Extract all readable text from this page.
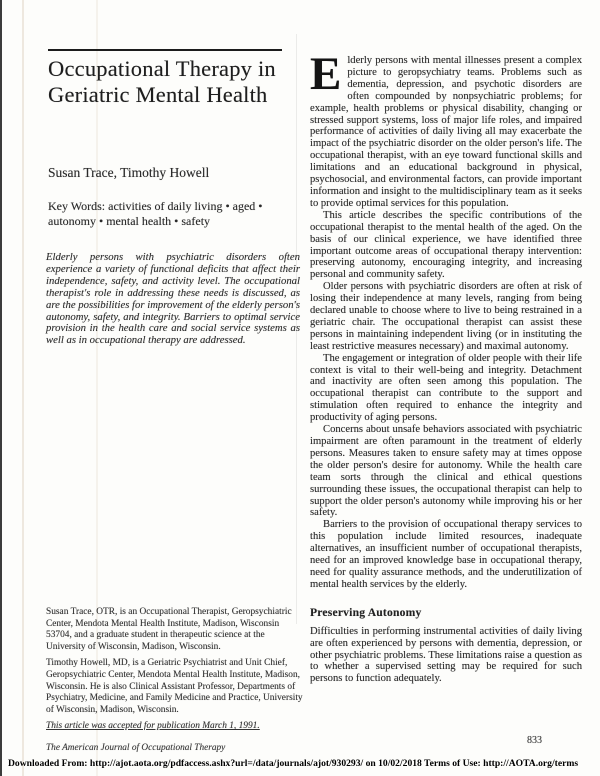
Occupational Therapy in Geriatric Mental Health
Susan Trace, Timothy Howell
Key Words: activities of daily living • aged • autonomy • mental health • safety

Elderly persons with psychiatric disorders often experience a variety of functional deficits that affect their independence, safety, and activity level. The occupational therapist's role in addressing these needs is discussed, as are the possibilities for improvement of the elderly person's autonomy, safety, and integrity. Barriers to optimal service provision in the health care and social service systems as well as in occupational therapy are addressed.

Susan Trace, OTR, is an Occupational Therapist, Geropsychiatric Center, Mendota Mental Health Institute, Madison, Wisconsin 53704, and a graduate student in therapeutic science at the University of Wisconsin, Madison, Wisconsin.

Timothy Howell, MD, is a Geriatric Psychiatrist and Unit Chief, Geropsychiatric Center, Mendota Mental Health Institute, Madison, Wisconsin. He is also Clinical Assistant Professor, Departments of Psychiatry, Medicine, and Family Medicine and Practice, University of Wisconsin, Madison, Wisconsin.

This article was accepted for publication March 1, 1991.

Elderly persons with mental illnesses present a complex picture to geropsychiatry teams. Problems such as dementia, depression, and psychotic disorders are often compounded by nonpsychiatric problems; for example, health problems or physical disability, changing or stressed support systems, loss of major life roles, and impaired performance of activities of daily living all may exacerbate the impact of the psychiatric disorder on the older person's life. The occupational therapist, with an eye toward functional skills and limitations and an educational background in physical, psychosocial, and environmental factors, can provide important information and insight to the multidisciplinary team as it seeks to provide optimal services for this population.

This article describes the specific contributions of the occupational therapist to the mental health of the aged. On the basis of our clinical experience, we have identified three important outcome areas of occupational therapy intervention: preserving autonomy, encouraging integrity, and increasing personal and community safety.

Older persons with psychiatric disorders are often at risk of losing their independence at many levels, ranging from being declared unable to choose where to live to being restrained in a geriatric chair. The occupational therapist can assist these persons in maintaining independent living (or in instituting the least restrictive measures necessary) and maximal autonomy.

The engagement or integration of older people with their life context is vital to their well-being and integrity. Detachment and inactivity are often seen among this population. The occupational therapist can contribute to the support and stimulation often required to enhance the integrity and productivity of aging persons.

Concerns about unsafe behaviors associated with psychiatric impairment are often paramount in the treatment of elderly persons. Measures taken to ensure safety may at times oppose the older person's desire for autonomy. While the health care team sorts through the clinical and ethical questions surrounding these issues, the occupational therapist can help to support the older person's autonomy while improving his or her safety.

Barriers to the provision of occupational therapy services to this population include limited resources, inadequate alternatives, an insufficient number of occupational therapists, need for an improved knowledge base in occupational therapy, need for quality assurance methods, and the underutilization of mental health services by the elderly.

Preserving Autonomy

Difficulties in performing instrumental activities of daily living are often experienced by persons with dementia, depression, or other psychiatric problems. These limitations raise a question as to whether a supervised setting may be required for such persons to function adequately.

The American Journal of Occupational Therapy
833
Downloaded From: http://ajot.aota.org/pdfaccess.ashx?url=/data/journals/ajot/930293/ on 10/02/2018 Terms of Use: http://AOTA.org/terms
